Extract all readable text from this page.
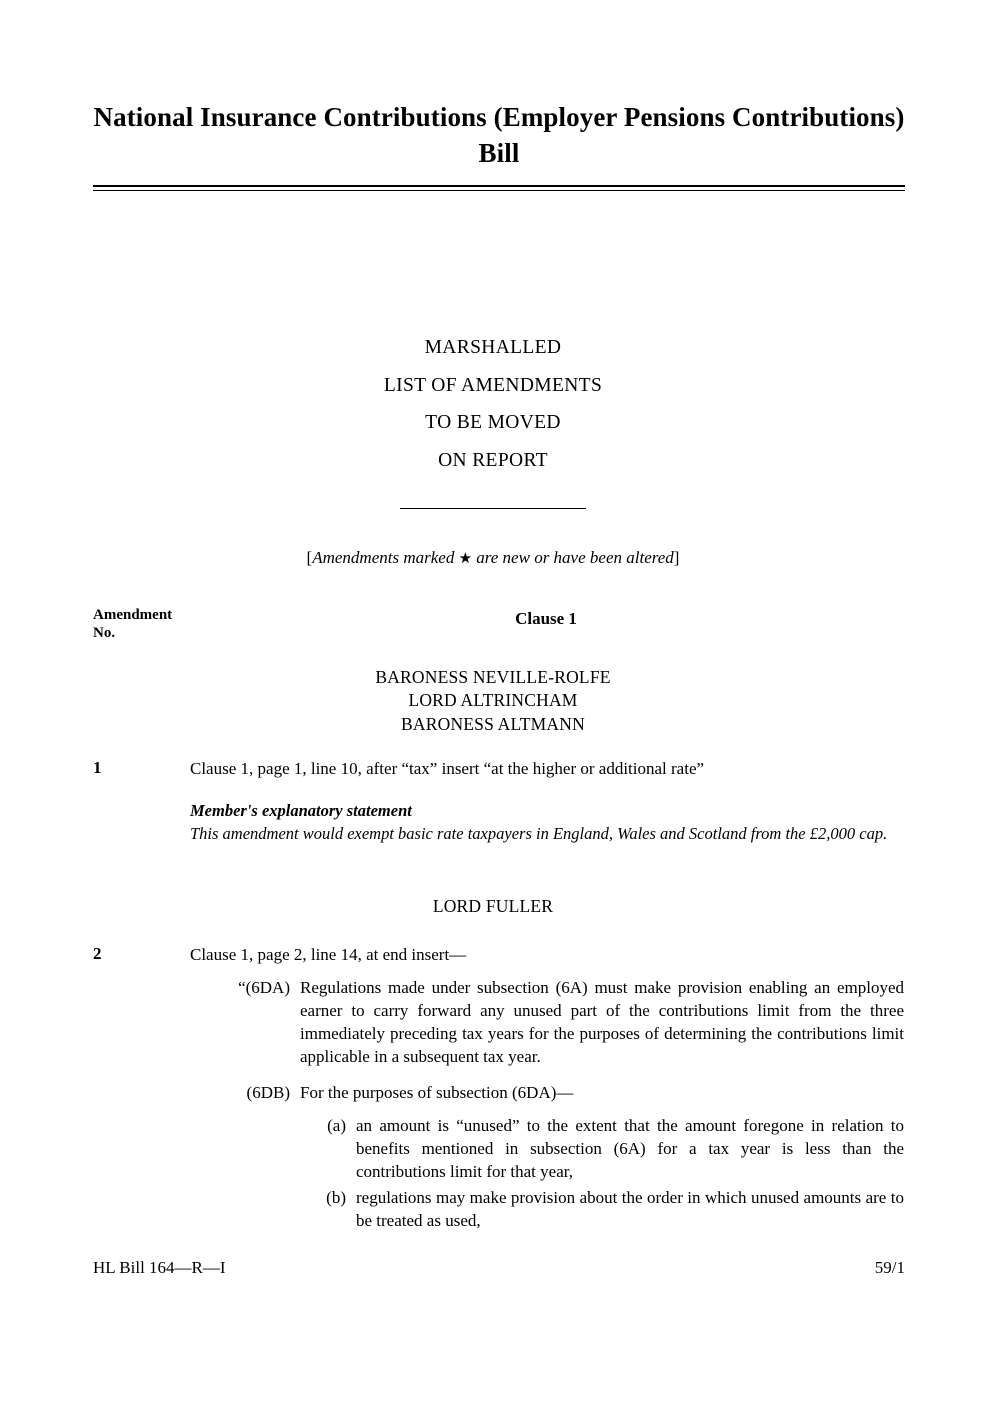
National Insurance Contributions (Employer Pensions Contributions) Bill
MARSHALLED
LIST OF AMENDMENTS
TO BE MOVED
ON REPORT
[Amendments marked ★ are new or have been altered]
Amendment
No.
Clause 1
BARONESS NEVILLE-ROLFE
LORD ALTRINCHAM
BARONESS ALTMANN
1	Clause 1, page 1, line 10, after “tax” insert “at the higher or additional rate”
Member's explanatory statement
This amendment would exempt basic rate taxpayers in England, Wales and Scotland from the £2,000 cap.
LORD FULLER
2	Clause 1, page 2, line 14, at end insert—
“(6DA) Regulations made under subsection (6A) must make provision enabling an employed earner to carry forward any unused part of the contributions limit from the three immediately preceding tax years for the purposes of determining the contributions limit applicable in a subsequent tax year.
(6DB) For the purposes of subsection (6DA)—
(a) an amount is “unused” to the extent that the amount foregone in relation to benefits mentioned in subsection (6A) for a tax year is less than the contributions limit for that year,
(b) regulations may make provision about the order in which unused amounts are to be treated as used,
HL Bill 164—R—I	59/1
